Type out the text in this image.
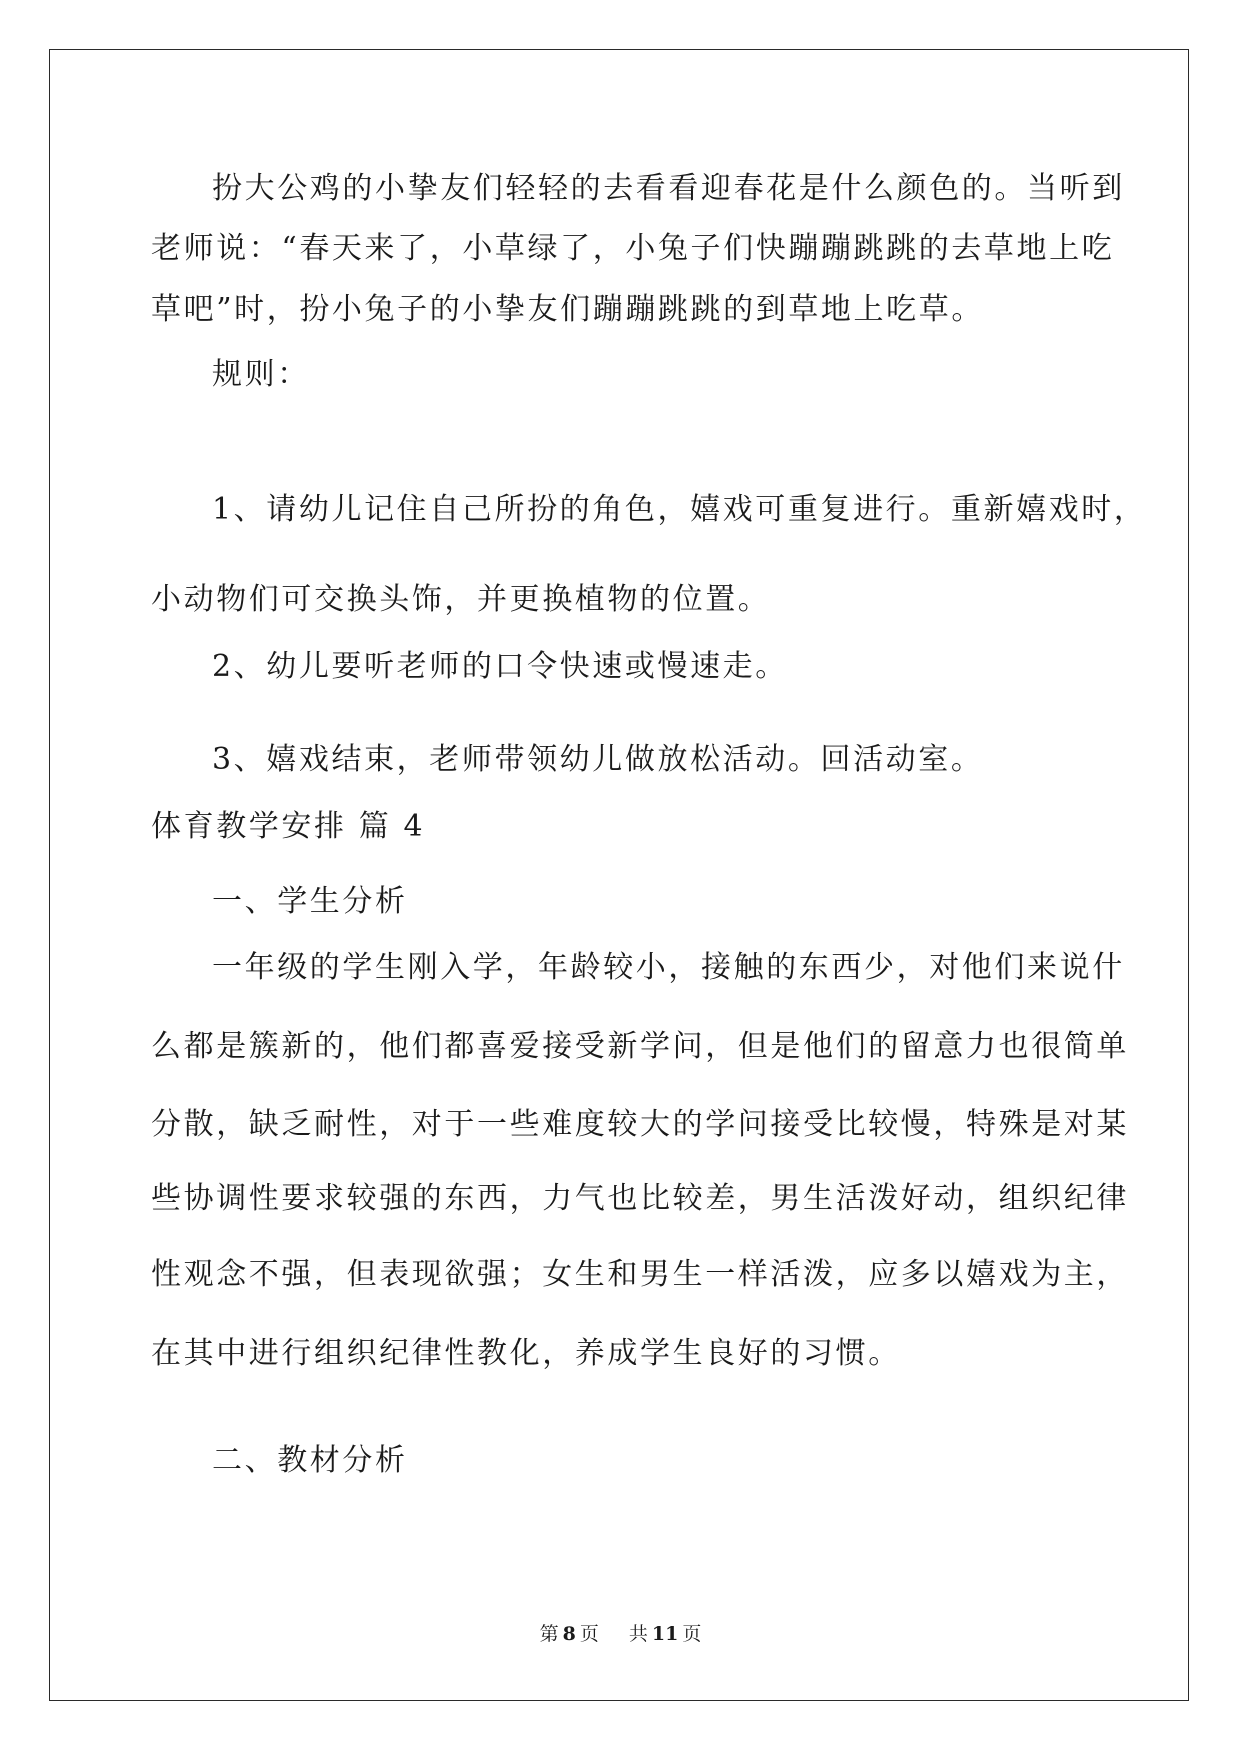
扮大公鸡的小挚友们轻轻的去看看迎春花是什么颜色的。当听到
老师说：“春天来了，小草绿了，小兔子们快蹦蹦跳跳的去草地上吃
草吧”时，扮小兔子的小挚友们蹦蹦跳跳的到草地上吃草。
规则：
1、请幼儿记住自己所扮的角色，嬉戏可重复进行。重新嬉戏时，
小动物们可交换头饰，并更换植物的位置。
2、幼儿要听老师的口令快速或慢速走。
3、嬉戏结束，老师带领幼儿做放松活动。回活动室。
体育教学安排 篇 4
一、学生分析
一年级的学生刚入学，年龄较小，接触的东西少，对他们来说什
么都是簇新的，他们都喜爱接受新学问，但是他们的留意力也很简单
分散，缺乏耐性，对于一些难度较大的学问接受比较慢，特殊是对某
些协调性要求较强的东西，力气也比较差，男生活泼好动，组织纪律
性观念不强，但表现欲强；女生和男生一样活泼，应多以嬉戏为主，
在其中进行组织纪律性教化，养成学生良好的习惯。
二、教材分析
第 8 页 共 11 页
